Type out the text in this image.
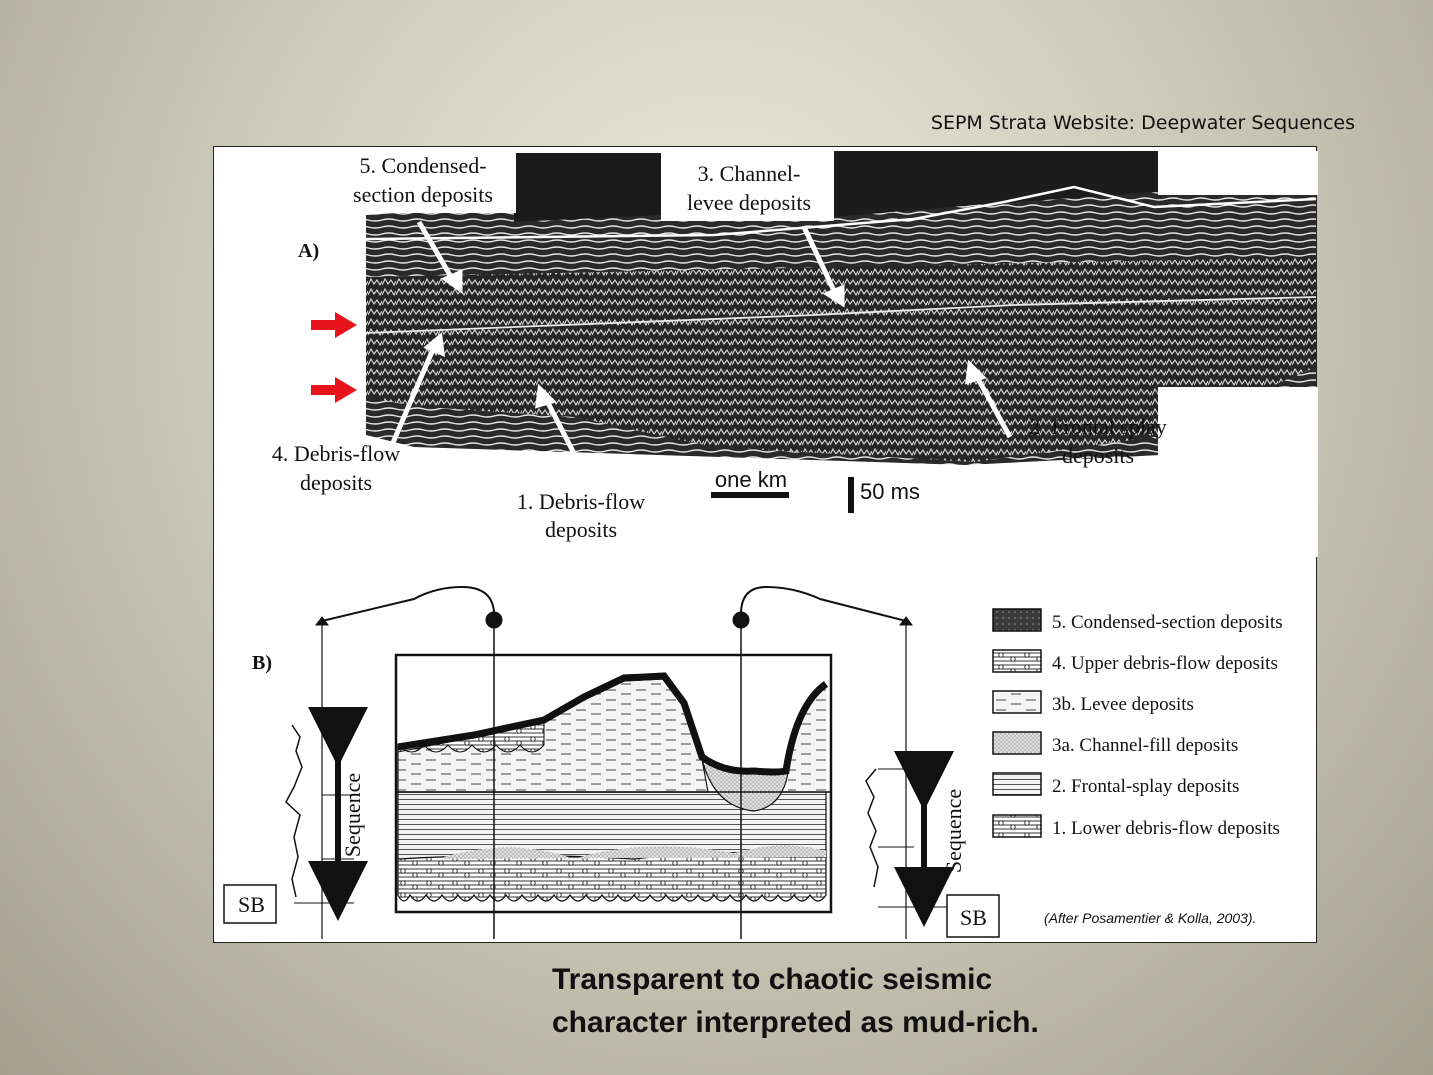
SEPM Strata Website: Deepwater Sequences
A)
5. Condensed-
section deposits
3. Channel-
levee deposits
4. Debris-flow
deposits
1. Debris-flow
deposits
2. Frontal splay
deposits
one km	50 ms
B)
SB
Sequence
SB
Sequence
5. Condensed-section deposits
4. Upper debris-flow deposits
3b. Levee deposits
3a. Channel-fill deposits
2. Frontal-splay deposits
1. Lower debris-flow deposits
(After Posamentier & Kolla, 2003).
Transparent to chaotic seismic
character interpreted as mud-rich.
